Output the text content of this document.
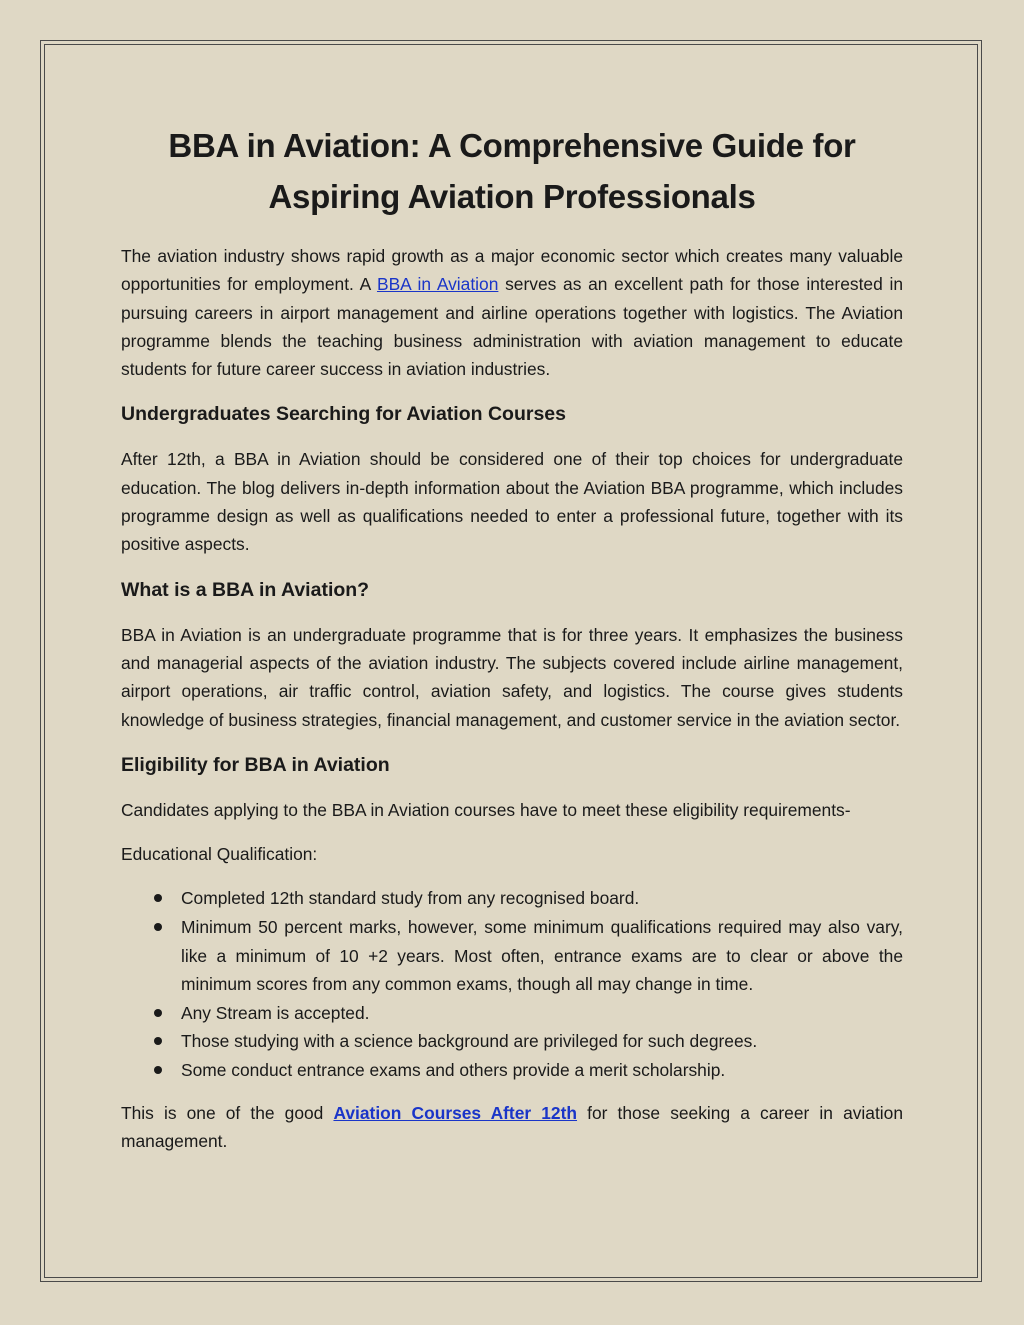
BBA in Aviation: A Comprehensive Guide for Aspiring Aviation Professionals

The aviation industry shows rapid growth as a major economic sector which creates many valuable opportunities for employment. A BBA in Aviation serves as an excellent path for those interested in pursuing careers in airport management and airline operations together with logistics. The Aviation programme blends the teaching business administration with aviation management to educate students for future career success in aviation industries.

Undergraduates Searching for Aviation Courses

After 12th, a BBA in Aviation should be considered one of their top choices for undergraduate education. The blog delivers in-depth information about the Aviation BBA programme, which includes programme design as well as qualifications needed to enter a professional future, together with its positive aspects.

What is a BBA in Aviation?

BBA in Aviation is an undergraduate programme that is for three years. It emphasizes the business and managerial aspects of the aviation industry. The subjects covered include airline management, airport operations, air traffic control, aviation safety, and logistics. The course gives students knowledge of business strategies, financial management, and customer service in the aviation sector.

Eligibility for BBA in Aviation

Candidates applying to the BBA in Aviation courses have to meet these eligibility requirements-

Educational Qualification:

Completed 12th standard study from any recognised board.
Minimum 50 percent marks, however, some minimum qualifications required may also vary, like a minimum of 10 +2 years. Most often, entrance exams are to clear or above the minimum scores from any common exams, though all may change in time.
Any Stream is accepted.
Those studying with a science background are privileged for such degrees.
Some conduct entrance exams and others provide a merit scholarship.

This is one of the good Aviation Courses After 12th for those seeking a career in aviation management.
